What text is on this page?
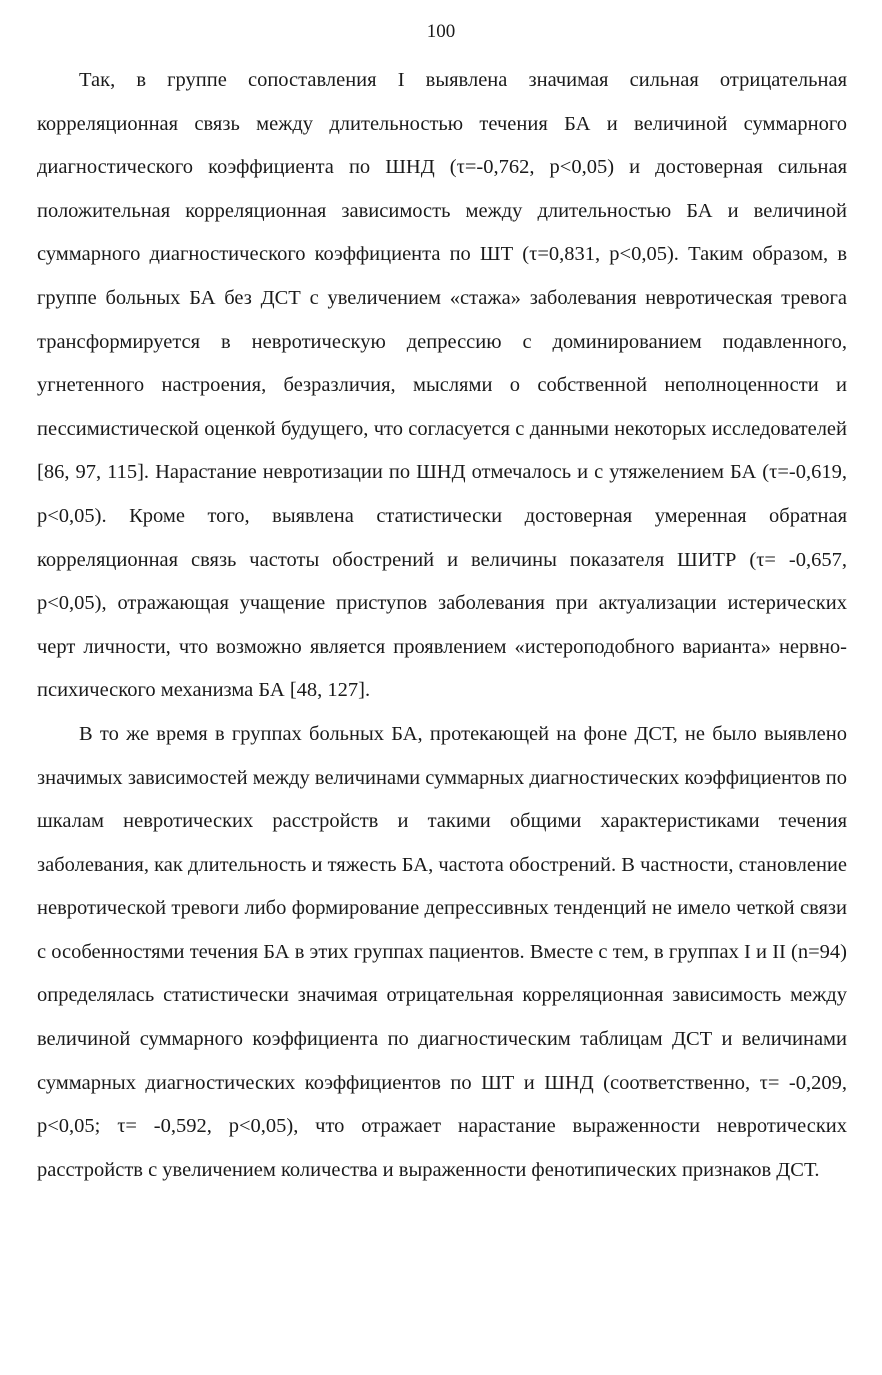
100

Так, в группе сопоставления I выявлена значимая сильная отрицательная корреляционная связь между длительностью течения БА и величиной суммарного диагностического коэффициента по ШНД (τ=-0,762, p<0,05) и достоверная сильная положительная корреляционная зависимость между длительностью БА и величиной суммарного диагностического коэффициента по ШТ (τ=0,831, p<0,05). Таким образом, в группе больных БА без ДСТ с увеличением «стажа» заболевания невротическая тревога трансформируется в невротическую депрессию с доминированием подавленного, угнетенного настроения, безразличия, мыслями о собственной неполноценности и пессимистической оценкой будущего, что согласуется с данными некоторых исследователей [86, 97, 115]. Нарастание невротизации по ШНД отмечалось и с утяжелением БА (τ=-0,619, p<0,05). Кроме того, выявлена статистически достоверная умеренная обратная корреляционная связь частоты обострений и величины показателя ШИТР (τ= -0,657, p<0,05), отражающая учащение приступов заболевания при актуализации истерических черт личности, что возможно является проявлением «истероподобного варианта» нервно-психического механизма БА [48, 127].

В то же время в группах больных БА, протекающей на фоне ДСТ, не было выявлено значимых зависимостей между величинами суммарных диагностических коэффициентов по шкалам невротических расстройств и такими общими характеристиками течения заболевания, как длительность и тяжесть БА, частота обострений. В частности, становление невротической тревоги либо формирование депрессивных тенденций не имело четкой связи с особенностями течения БА в этих группах пациентов. Вместе с тем, в группах I и II (n=94) определялась статистически значимая отрицательная корреляционная зависимость между величиной суммарного коэффициента по диагностическим таблицам ДСТ и величинами суммарных диагностических коэффициентов по ШТ и ШНД (соответственно, τ= -0,209, p<0,05; τ= -0,592, p<0,05), что отражает нарастание выраженности невротических расстройств с увеличением количества и выраженности фенотипических признаков ДСТ.
